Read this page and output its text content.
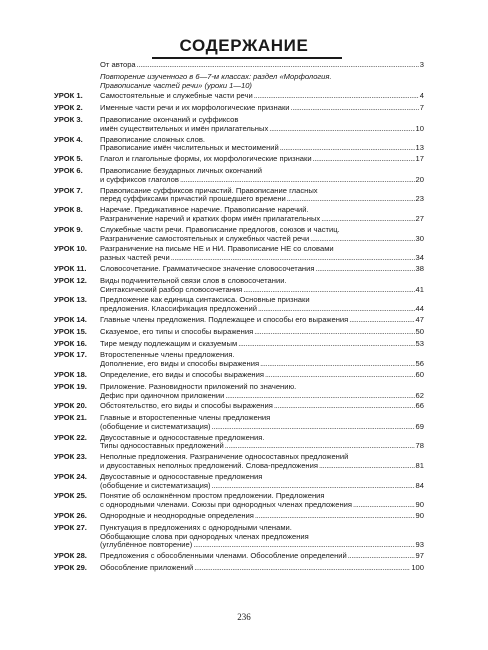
СОДЕРЖАНИЕ
От автора .....	3
Повторение изученного в 6—7-м классах: раздел «Морфология.
Правописание частей речи» (уроки 1—10)
УРОК 1.	Самостоятельные и служебные части речи .....	4
УРОК 2.	Именные части речи и их морфологические признаки .....	7
УРОК 3.	Правописание окончаний и суффиксов
имён существительных и имён прилагательных .....	10
УРОК 4.	Правописание сложных слов.
Правописание имён числительных и местоимений .....	13
УРОК 5.	Глагол и глагольные формы, их морфологические признаки .....	17
УРОК 6.	Правописание безударных личных окончаний
и суффиксов глаголов .....	20
УРОК 7.	Правописание суффиксов причастий. Правописание гласных
перед суффиксами причастий прошедшего времени .....	23
УРОК 8.	Наречие. Предикативное наречие. Правописание наречий.
Разграничение наречий и кратких форм имён прилагательных .....	27
УРОК 9.	Служебные части речи. Правописание предлогов, союзов и частиц.
Разграничение самостоятельных и служебных частей речи .....	30
УРОК 10.	Разграничение на письме НЕ и НИ. Правописание НЕ со словами
разных частей речи .....	34
УРОК 11.	Словосочетание. Грамматическое значение словосочетания .....	38
УРОК 12.	Виды подчинительной связи слов в словосочетании.
Синтаксический разбор словосочетания .....	41
УРОК 13.	Предложение как единица синтаксиса. Основные признаки
предложения. Классификация предложений .....	44
УРОК 14.	Главные члены предложения. Подлежащее и способы его выражения .....	47
УРОК 15.	Сказуемое, его типы и способы выражения .....	50
УРОК 16.	Тире между подлежащим и сказуемым .....	53
УРОК 17.	Второстепенные члены предложения.
Дополнение, его виды и способы выражения .....	56
УРОК 18.	Определение, его виды и способы выражения .....	60
УРОК 19.	Приложение. Разновидности приложений по значению.
Дефис при одиночном приложении .....	62
УРОК 20.	Обстоятельство, его виды и способы выражения .....	66
УРОК 21.	Главные и второстепенные члены предложения
(обобщение и систематизация) .....	69
УРОК 22.	Двусоставные и односоставные предложения.
Типы односоставных предложений .....	78
УРОК 23.	Неполные предложения. Разграничение односоставных предложений
и двусоставных неполных предложений. Слова-предложения .....	81
УРОК 24.	Двусоставные и односоставные предложения
(обобщение и систематизация) .....	84
УРОК 25.	Понятие об осложнённом простом предложении. Предложения
с однородными членами. Союзы при однородных членах предложения .....	90
УРОК 26.	Однородные и неоднородные определения .....	90
УРОК 27.	Пунктуация в предложениях с однородными членами.
Обобщающие слова при однородных членах предложения
(углублённое повторение) .....	93
УРОК 28.	Предложения с обособленными членами. Обособление определений .....	97
УРОК 29.	Обособление приложений .....	100
236
